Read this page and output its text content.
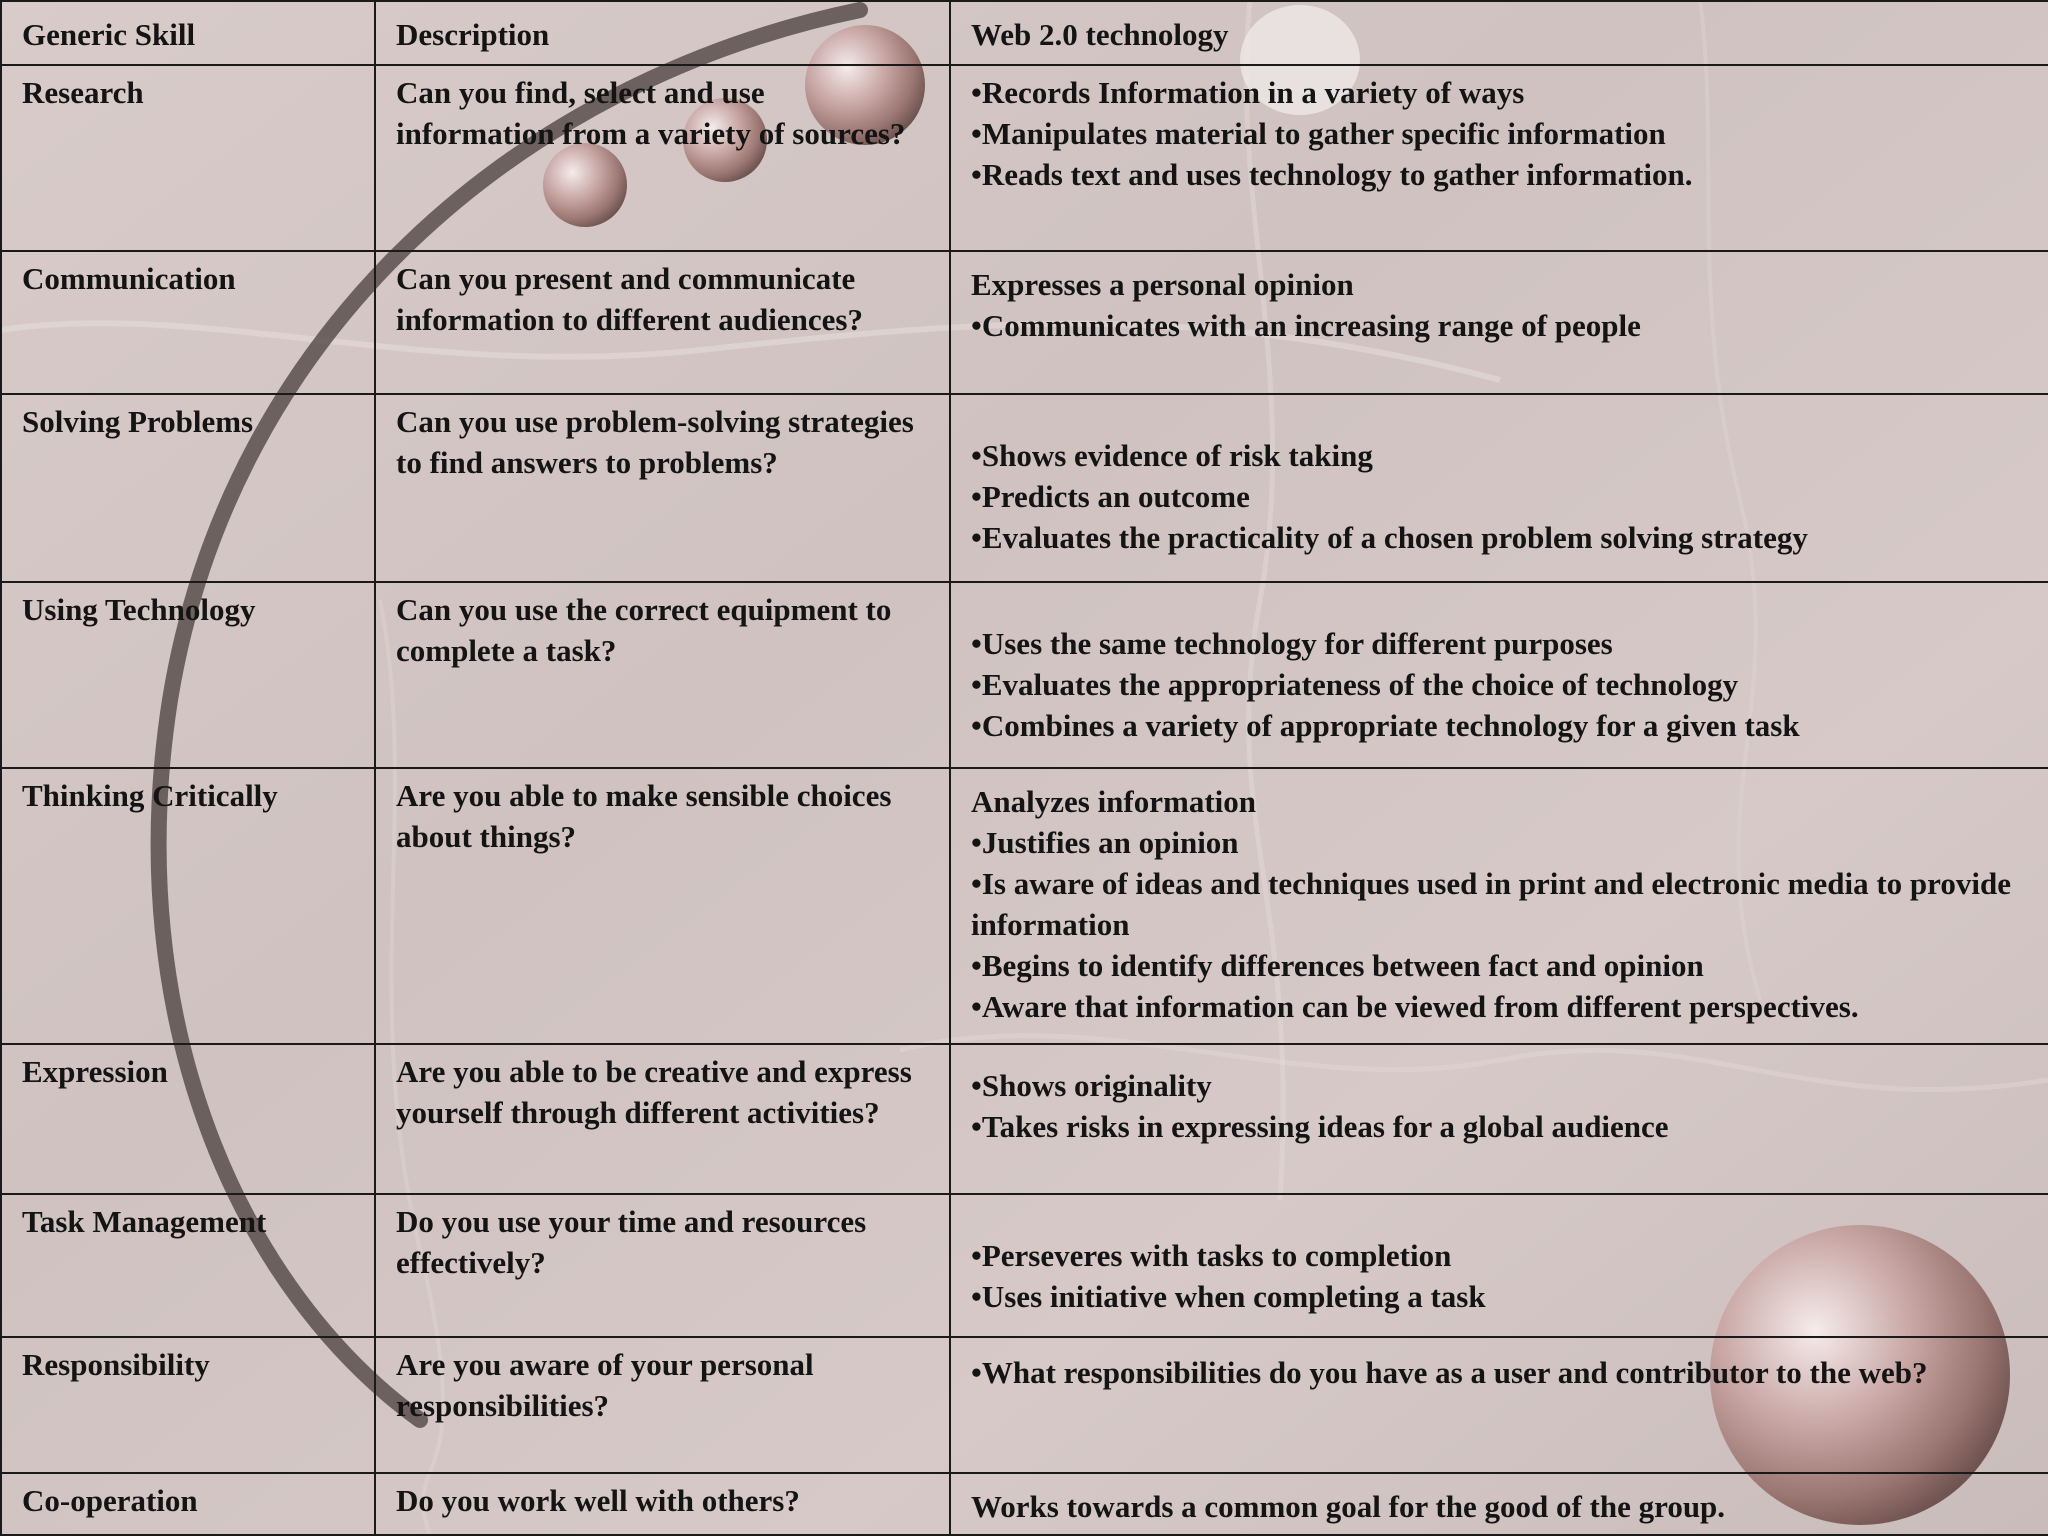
Generic Skill	Description	Web 2.0 technology
Research	Can you find, select and use information from a variety of sources?	•Records Information in a variety of ways
•Manipulates material to gather specific information
•Reads text and uses technology to gather information.

Communication	Can you present and communicate information to different audiences?	Expresses a personal opinion
•Communicates with an increasing range of people

Solving Problems	Can you use problem-solving strategies to find answers to problems?	•Shows evidence of risk taking
•Predicts an outcome
•Evaluates the practicality of a chosen problem solving strategy

Using Technology	Can you use the correct equipment to complete a task?	•Uses the same technology for different purposes
•Evaluates the appropriateness of the choice of technology
•Combines a variety of appropriate technology for a given task

Thinking Critically	Are you able to make sensible choices about things?	Analyzes information
•Justifies an opinion
•Is aware of ideas and techniques used in print and electronic media to provide information
•Begins to identify differences between fact and opinion
•Aware that information can be viewed from different perspectives.

Expression	Are you able to be creative and express yourself through different activities?	•Shows originality
•Takes risks in expressing ideas for a global audience

Task Management	Do you use your time and resources effectively?	•Perseveres with tasks to completion
•Uses initiative when completing a task

Responsibility	Are you aware of your personal responsibilities?	•What responsibilities do you have as a user and contributor to the web?

Co-operation	Do you work well with others?	Works towards a common goal for the good of the group.
